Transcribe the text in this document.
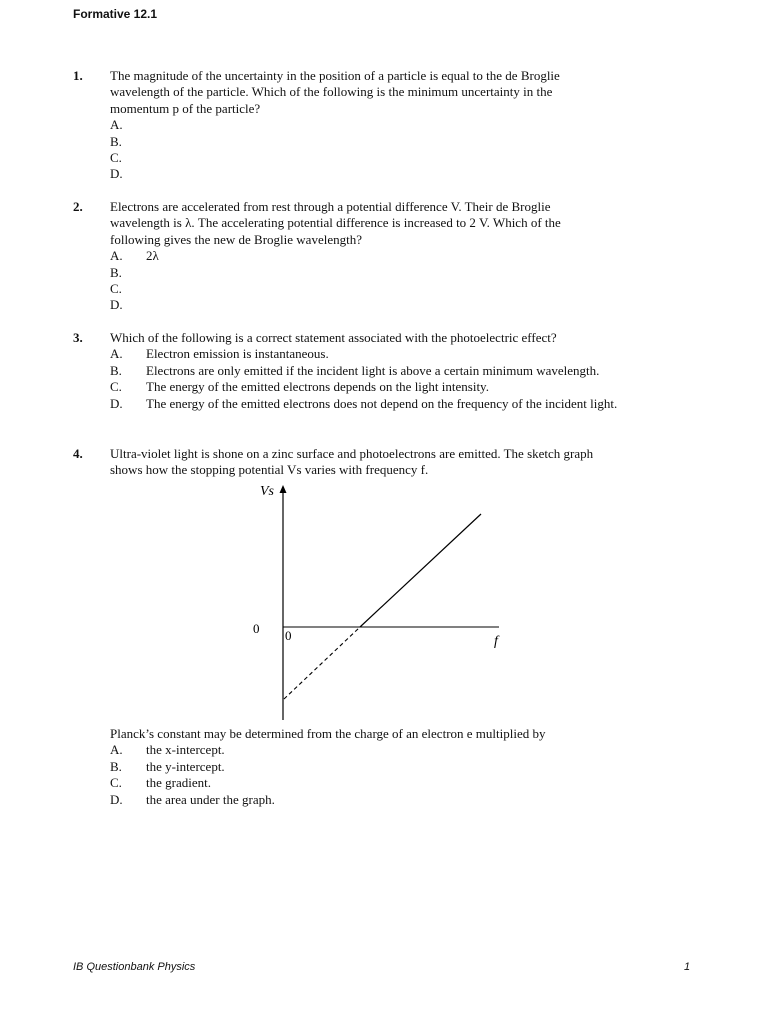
Formative 12.1
1. The magnitude of the uncertainty in the position of a particle is equal to the de Broglie
wavelength of the particle. Which of the following is the minimum uncertainty in the
momentum p of the particle?
A.
B.
C.
D.
2. Electrons are accelerated from rest through a potential difference V. Their de Broglie
wavelength is λ. The accelerating potential difference is increased to 2 V. Which of the
following gives the new de Broglie wavelength?
A. 2λ
B.
C.
D.
3. Which of the following is a correct statement associated with the photoelectric effect?
A. Electron emission is instantaneous.
B. Electrons are only emitted if the incident light is above a certain minimum wavelength.
C. The energy of the emitted electrons depends on the light intensity.
D. The energy of the emitted electrons does not depend on the frequency of the incident light.
4. Ultra-violet light is shone on a zinc surface and photoelectrons are emitted. The sketch graph
shows how the stopping potential Vs varies with frequency f.
Vs
0 0	f
Planck’s constant may be determined from the charge of an electron e multiplied by
A. the x-intercept.
B. the y-intercept.
C. the gradient.
D. the area under the graph.
IB Questionbank Physics	1
